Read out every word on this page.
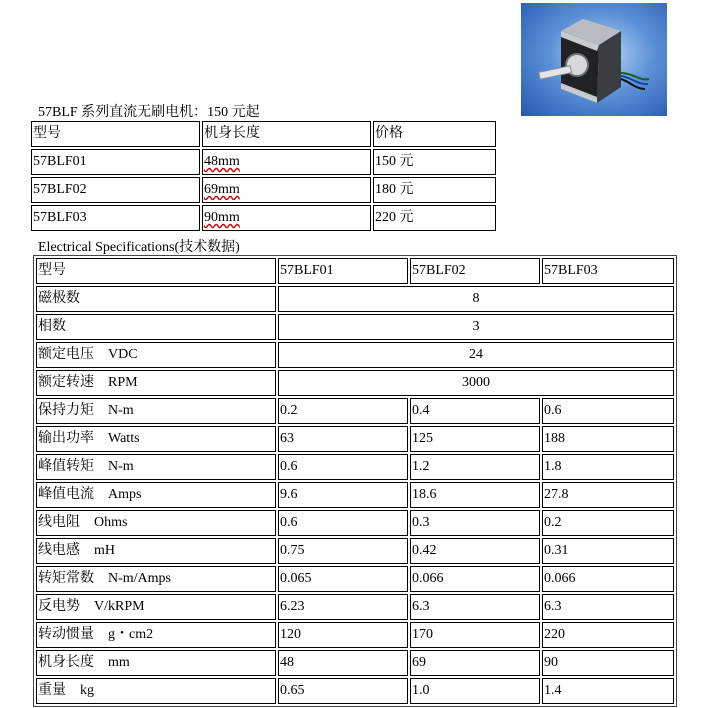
57BLF 系列直流无刷电机：150 元起
型号	机身长度	价格
57BLF01	48mm	150 元
57BLF02	69mm	180 元
57BLF03	90mm	220 元
Electrical Specifications(技术数据)
型号	57BLF01	57BLF02	57BLF03
磁极数	8		
相数	3		
额定电压　VDC	24		
额定转速　RPM	3000		
保持力矩　N-m	0.2	0.4	0.6
输出功率　Watts	63	125	188
峰值转矩　N-m	0.6	1.2	1.8
峰值电流　Amps	9.6	18.6	27.8
线电阻　Ohms	0.6	0.3	0.2
线电感　mH	0.75	0.42	0.31
转矩常数　N-m/Amps	0.065	0.066	0.066
反电势　V/kRPM	6.23	6.3	6.3
转动惯量　g・cm2	120	170	220
机身长度　mm	48	69	90
重量　kg	0.65	1.0	1.4
